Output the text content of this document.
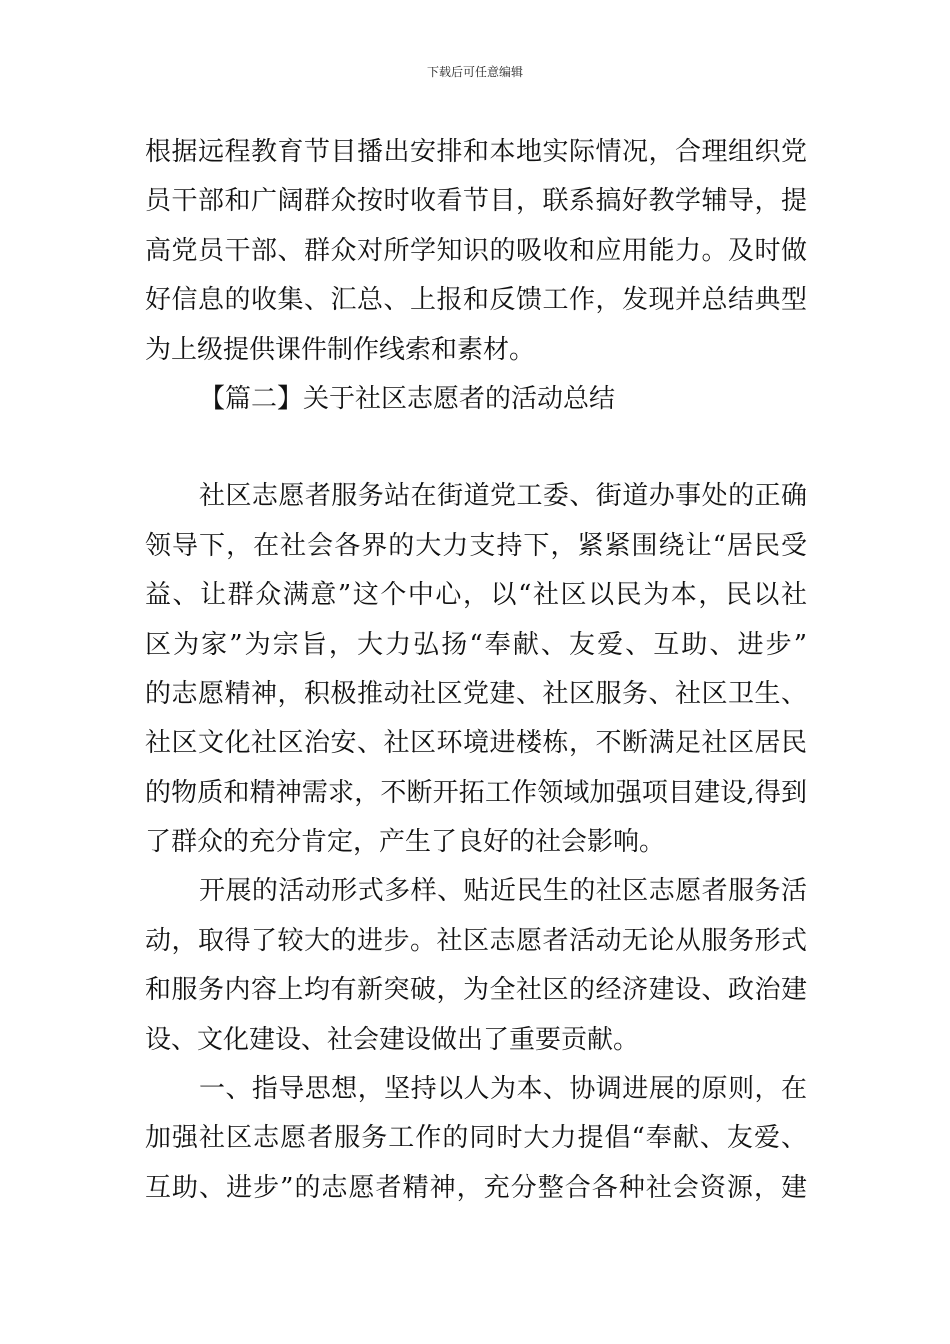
下载后可任意编辑
根据远程教育节目播出安排和本地实际情况，合理组织党
员干部和广阔群众按时收看节目，联系搞好教学辅导，提
高党员干部、群众对所学知识的吸收和应用能力。及时做
好信息的收集、汇总、上报和反馈工作，发现并总结典型
为上级提供课件制作线索和素材。
【篇二】关于社区志愿者的活动总结
社区志愿者服务站在街道党工委、街道办事处的正确
领导下，在社会各界的大力支持下，紧紧围绕让“居民受
益、让群众满意”这个中心，以“社区以民为本，民以社
区为家”为宗旨，大力弘扬“奉献、友爱、互助、进步”
的志愿精神，积极推动社区党建、社区服务、社区卫生、
社区文化社区治安、社区环境进楼栋，不断满足社区居民
的物质和精神需求，不断开拓工作领域加强项目建设,得到
了群众的充分肯定，产生了良好的社会影响。
开展的活动形式多样、贴近民生的社区志愿者服务活
动，取得了较大的进步。社区志愿者活动无论从服务形式
和服务内容上均有新突破，为全社区的经济建设、政治建
设、文化建设、社会建设做出了重要贡献。
一、指导思想，坚持以人为本、协调进展的原则，在
加强社区志愿者服务工作的同时大力提倡“奉献、友爱、
互助、进步”的志愿者精神，充分整合各种社会资源，建
